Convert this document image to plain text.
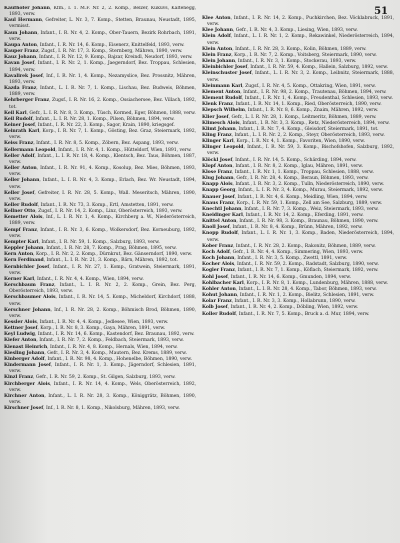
51

Kaufhofer Johann, Kfm., I. 1. M.F. Nr. 2, 2. Komp., Belzer, Kukuvs, Kaltenegg, 1893, verw.

Kaul Hermann, Gefreiter, L. Nr. 3, 7. Komp., Stetten, Braunau, Neustadt, 1895, vermisst.

Kaun Johann, Infant., I. R. Nr. 4, 2. Komp., Ober-Tauern, Bezirk Rohrbach, 1891, verw.

Kaupa Anton, Infant., I. R. Nr. 14, 6. Komp., Eisenerz, Knittelfeld, 1893, verw.

Kauper Franz, Zugsf., I. R. Nr. 17, 3. Komp., Sternberg, Mähren, 1890, verw.

Kauz Johann, Infant., I. R. Nr. 12, 9. Komp., Bajzar, Kreindl, Neudorf, 1893, verw.

Kavan Josef, Infant., I. R. Nr. 2, 1. Komp., Jaegerndorf, Bez. Troppau, Schlesien, 1894, verw.

Kavalirek Josef, Inf., I. R. Nr. 1, 4. Komp., Nezamyslice, Bez. Prossnitz, Mähren, 1893, verw.

Kazda Franz, Infant., L. I. R. Nr. 7, 1. Komp., Lischau, Bez. Budweis, Böhmen, 1889, verw.

Kehrberger Franz, Zugsf., I. R. Nr. 16, 2. Komp., Ossiachersee, Bez. Villach, 1892, tot.

Keil Karl, Gefr., L. I. R. Nr. 8, 3. Komp., Tüsch, Kormed, Eger, Böhmen, 1888, verw.

Keil Rudolf, Infant., L. I. R. Nr. 28, 1. Komp., Pilsen, Böhmen, 1894, verw.

Keiner Josef, Infant., I. R. Nr. 22, 3. Komp., Sagor, Krain, 1890, kriegsgef.

Keinrath Karl, Korp., I. R. Nr. 7, 1. Komp., Gösting, Bez. Graz, Steiermark, 1892, verw.

Keiss Franz, Infant., I. R. Nr. 8, 5. Komp., Zöbern, Bez. Aspang, 1893, verw.

Kellermann Leopold, Infant., I. R. Nr. 4, 1. Komp., Hütteldorf, Wien, 1891, verw.

Keller Adolf, Infant., L. I. R. Nr. 18, 4. Komp., Klentsch, Bez. Taus, Böhmen, 1887, verw.

Keller Anton, Infant., I. R. Nr. 91, 4. Komp., Kosolup, Bez. Mies, Böhmen, 1893, verw.

Keller Johann, Infant., L. I. R. Nr. 4, 3. Komp., Erlach, Bez. Wr. Neustadt, 1894, verw.

Keller Josef, Gefreiter, I. R. Nr. 28, 5. Komp., Wall. Meseritsch, Mähren, 1890, verw.

Keller Rudolf, Infant., I. R. Nr. 73, 3. Komp., Ertl, Amstetten, 1891, verw.

Kellner Otto, Zugsf., I. R. Nr. 14, 2. Komp., Linz, Oberösterreich, 1893, verw.

Kemetter Alois, Inf., L. I. R. Nr. 1, 4. Komp., Kirchberg a. W., Niederösterreich, 1889, verw.

Kempf Franz, Infant., I. R. Nr. 3, 6. Komp., Wolkersdorf, Bez. Korneuburg, 1892, verw.

Kempter Karl, Infant., I. R. Nr. 59, 1. Komp., Salzburg, 1893, verw.

Keppler Johann, Infant., I. R. Nr. 28, 7. Komp., Prag, Böhmen, 1895, verw.

Kern Anton, Korp., I. R. Nr. 2, 2. Komp., Dürnkrut, Bez. Gänserndorf, 1890, verw.

Kern Ferdinand, Infant., L. I. R. Nr. 21, 3. Komp., Bärn, Mähren, 1892, tot.

Kernbichler Josef, Infant., I. R. Nr. 27, 1. Komp., Gratwein, Steiermark, 1891, verw.

Kerner Karl, Infant., I. R. Nr. 4, 4. Komp., Wien, 1894, verw.

Kerschbaum Franz, Infant., L. I. R. Nr. 2, 2. Komp., Grein, Bez. Perg, Oberösterreich, 1893, verw.

Kerschbaumer Alois, Infant., I. R. Nr. 14, 5. Komp., Micheldorf, Kirchdorf, 1888, verw.

Kerschner Johann, Inf., I. R. Nr. 28, 2. Komp., Böhmisch Brod, Böhmen, 1890, verw.

Kessler Alois, Infant., I. R. Nr. 4, 4. Komp., Jedlesee, Wien, 1893, verw.

Kettner Josef, Korp., I. R. Nr. 8, 3. Komp., Gaya, Mähren, 1891, verw.

Keyl Ludwig, Infant., I. R. Nr. 14, 6. Komp., Kastendorf, Bez. Braunau, 1892, verw.

Kiefer Anton, Infant., I. R. Nr. 7, 2. Komp., Feldbach, Steiermark, 1893, verw.

Kienast Heinrich, Infant., I. R. Nr. 4, 8. Komp., Hernals, Wien, 1894, verw.

Kiesling Johann, Gefr., I. R. Nr. 3, 4. Komp., Mautern, Bez. Krems, 1889, verw.

Kinberger Adolf, Infant., I. R. Nr. 98, 4. Komp., Hohenelbe, Böhmen, 1890, verw.

Kindermann Josef, Infant., I. R. Nr. 1, 3. Komp., Jägerndorf, Schlesien, 1891, verw.

Kinzl Franz, Gefr., I. R. Nr. 59, 2. Komp., St. Gilgen, Salzburg, 1893, verw.

Kirchberger Alois, Infant., I. R. Nr. 14, 4. Komp., Wels, Oberösterreich, 1892, verw.

Kirchner Anton, Infant., L. I. R. Nr. 28, 3. Komp., Königgrätz, Böhmen, 1890, verw.

Kirschner Josef, Inf., I. R. Nr. 8, 1. Komp., Nikolsburg, Mähren, 1893, verw.

Klee Anton, Infant., I. R. Nr. 14, 2. Komp., Puchkirchen, Bez. Vöcklabruck, 1891, verw.

Klee Johann, Gefr., I. R. Nr. 4, 3. Komp., Liesing, Wien, 1893, verw.

Klein Adolf, Infant., L. I. R. Nr. 1, 2. Komp., Rekawinkel, Niederösterreich, 1894, verw.

Klein Anton, Infant., I. R. Nr. 28, 3. Komp., Kolin, Böhmen, 1889, verw.

Klein Franz, Korp., I. R. Nr. 7, 2. Komp., Voitsberg, Steiermark, 1890, verw.

Klein Johann, Infant., I. R. Nr. 3, 1. Komp., Stockerau, 1893, verw.

Kleinbichler Josef, Infant., I. R. Nr. 59, 4. Komp., Hallein, Salzburg, 1892, verw.

Kleinschuster Josef, Infant., L. I. R. Nr. 3, 2. Komp., Leibnitz, Steiermark, 1888, verw.

Kleinmann Karl, Zugsf., I. R. Nr. 4, 5. Komp., Ottakring, Wien, 1891, verw.

Klement Anton, Infant., I. R. Nr. 98, 2. Komp., Trautenau, Böhmen, 1894, verw.

Klement Rudolf, Infant., I. R. Nr. 1, 4. Komp., Freudenthal, Schlesien, 1893, verw.

Klenk Franz, Infant., I. R. Nr. 14, 1. Komp., Ried, Oberösterreich, 1890, verw.

Klepsch Wilhelm, Infant., I. R. Nr. 8, 6. Komp., Znaim, Mähren, 1892, verw.

Klier Josef, Gefr., L. I. R. Nr. 28, 1. Komp., Leitmeritz, Böhmen, 1889, verw.

Klimesch Alois, Infant., I. R. Nr. 3, 3. Komp., Retz, Niederösterreich, 1894, verw.

Klimt Johann, Infant., I. R. Nr. 7, 4. Komp., Gleisdorf, Steiermark, 1891, tot.

Kling Franz, Infant., L. I. R. Nr. 2, 2. Komp., Steyr, Oberösterreich, 1893, verw.

Klinger Karl, Korp., I. R. Nr. 4, 1. Komp., Favoriten, Wien, 1890, verw.

Klinger Leopold, Infant., I. R. Nr. 59, 3. Komp., Bischofshofen, Salzburg, 1892, verw.

Klöckl Josef, Infant., I. R. Nr. 14, 5. Komp., Schärding, 1894, verw.

Klopf Anton, Infant., I. R. Nr. 8, 2. Komp., Iglau, Mähren, 1891, verw.

Klose Franz, Infant., I. R. Nr. 1, 1. Komp., Troppau, Schlesien, 1888, verw.

Klug Johann, Gefr., I. R. Nr. 28, 4. Komp., Beraun, Böhmen, 1893, verw.

Knapp Alois, Infant., I. R. Nr. 3, 2. Komp., Tulln, Niederösterreich, 1890, verw.

Knapp Georg, Infant., L. I. R. Nr. 3, 4. Komp., Murau, Steiermark, 1892, verw.

Knauer Josef, Infant., I. R. Nr. 4, 6. Komp., Meidling, Wien, 1894, verw.

Knaus Franz, Korp., I. R. Nr. 59, 1. Komp., Zell am See, Salzburg, 1889, verw.

Knechtl Johann, Infant., I. R. Nr. 7, 3. Komp., Weiz, Steiermark, 1893, verw.

Kneidinger Karl, Infant., I. R. Nr. 14, 2. Komp., Eferding, 1891, verw.

Knittel Anton, Infant., I. R. Nr. 98, 3. Komp., Braunau, Böhmen, 1890, verw.

Knoll Josef, Infant., I. R. Nr. 8, 4. Komp., Brünn, Mähren, 1892, verw.

Knopp Rudolf, Infant., L. I. R. Nr. 1, 3. Komp., Baden, Niederösterreich, 1894, verw.

Kober Franz, Infant., I. R. Nr. 28, 2. Komp., Rakonitz, Böhmen, 1889, verw.

Koch Adolf, Gefr., I. R. Nr. 4, 4. Komp., Simmering, Wien, 1893, verw.

Koch Johann, Infant., I. R. Nr. 3, 5. Komp., Zwettl, 1891, verw.

Kocher Alois, Infant., I. R. Nr. 59, 2. Komp., Radstadt, Salzburg, 1890, verw.

Kogler Franz, Infant., I. R. Nr. 7, 1. Komp., Köflach, Steiermark, 1892, verw.

Kohl Josef, Infant., I. R. Nr. 14, 6. Komp., Gmunden, 1894, verw.

Kohlbacher Karl, Korp., I. R. Nr. 8, 1. Komp., Lundenburg, Mähren, 1888, verw.

Kohler Anton, Infant., L. I. R. Nr. 28, 4. Komp., Tabor, Böhmen, 1893, verw.

Kohut Johann, Infant., I. R. Nr. 1, 2. Komp., Bielitz, Schlesien, 1891, verw.

Kolar Franz, Infant., I. R. Nr. 3, 3. Komp., Hollabrunn, 1890, verw.

Kolb Josef, Infant., I. R. Nr. 4, 2. Komp., Döbling, Wien, 1892, verw.

Koller Rudolf, Infant., I. R. Nr. 7, 5. Komp., Bruck a. d. Mur, 1894, verw.
